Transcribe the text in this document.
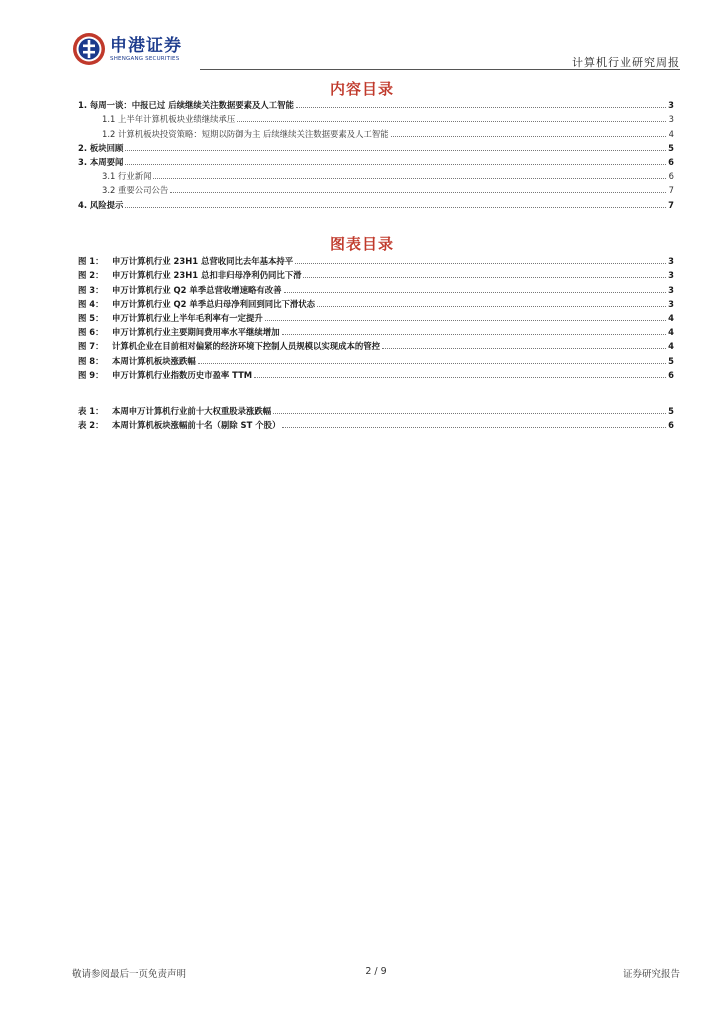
申港证券
SHENGANG SECURITIES	计算机行业研究周报
内容目录
1. 每周一谈：中报已过 后续继续关注数据要素及人工智能	3
1.1 上半年计算机板块业绩继续承压	3
1.2 计算机板块投资策略：短期以防御为主 后续继续关注数据要素及人工智能	4
2. 板块回顾	5
3. 本周要闻	6
3.1 行业新闻	6
3.2 重要公司公告	7
4. 风险提示	7
图表目录
图 1： 申万计算机行业 23H1 总营收同比去年基本持平	3
图 2： 申万计算机行业 23H1 总扣非归母净利仍同比下滑	3
图 3： 申万计算机行业 Q2 单季总营收增速略有改善	3
图 4： 申万计算机行业 Q2 单季总归母净利回到同比下滑状态	3
图 5： 申万计算机行业上半年毛利率有一定提升	4
图 6： 申万计算机行业主要期间费用率水平继续增加	4
图 7： 计算机企业在目前相对偏紧的经济环境下控制人员规模以实现成本的管控	4
图 8： 本周计算机板块涨跌幅	5
图 9： 申万计算机行业指数历史市盈率 TTM	6
表 1： 本周申万计算机行业前十大权重股录涨跌幅	5
表 2： 本周计算机板块涨幅前十名（剔除 ST 个股）	6
敬请参阅最后一页免责声明	2 / 9	证券研究报告
